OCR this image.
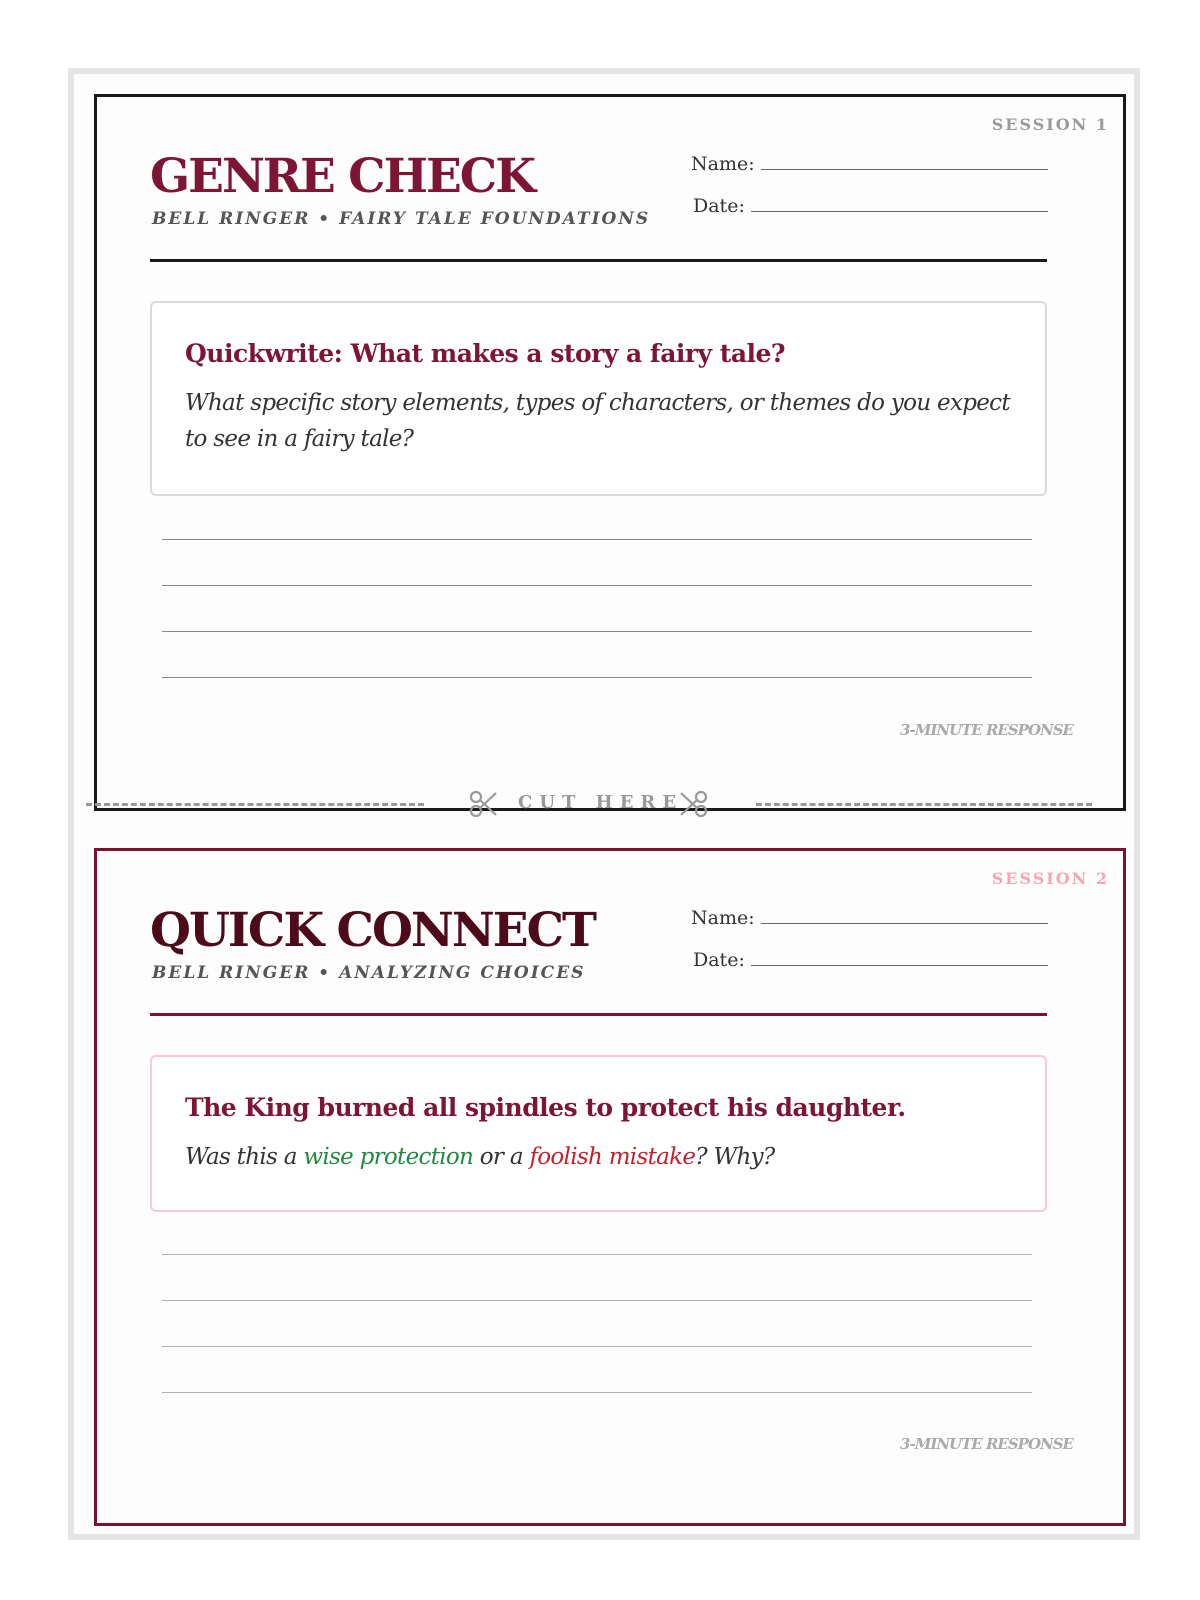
SESSION 1
GENRE CHECK
BELL RINGER • FAIRY TALE FOUNDATIONS
Name:
Date:
Quickwrite: What makes a story a fairy tale?
What specific story elements, types of characters, or themes do you expect to see in a fairy tale?
3-MINUTE RESPONSE
SESSION 2
QUICK CONNECT
BELL RINGER • ANALYZING CHOICES
Name:
Date:
The King burned all spindles to protect his daughter.
Was this a wise protection or a foolish mistake? Why?
3-MINUTE RESPONSE
CUT HERE
